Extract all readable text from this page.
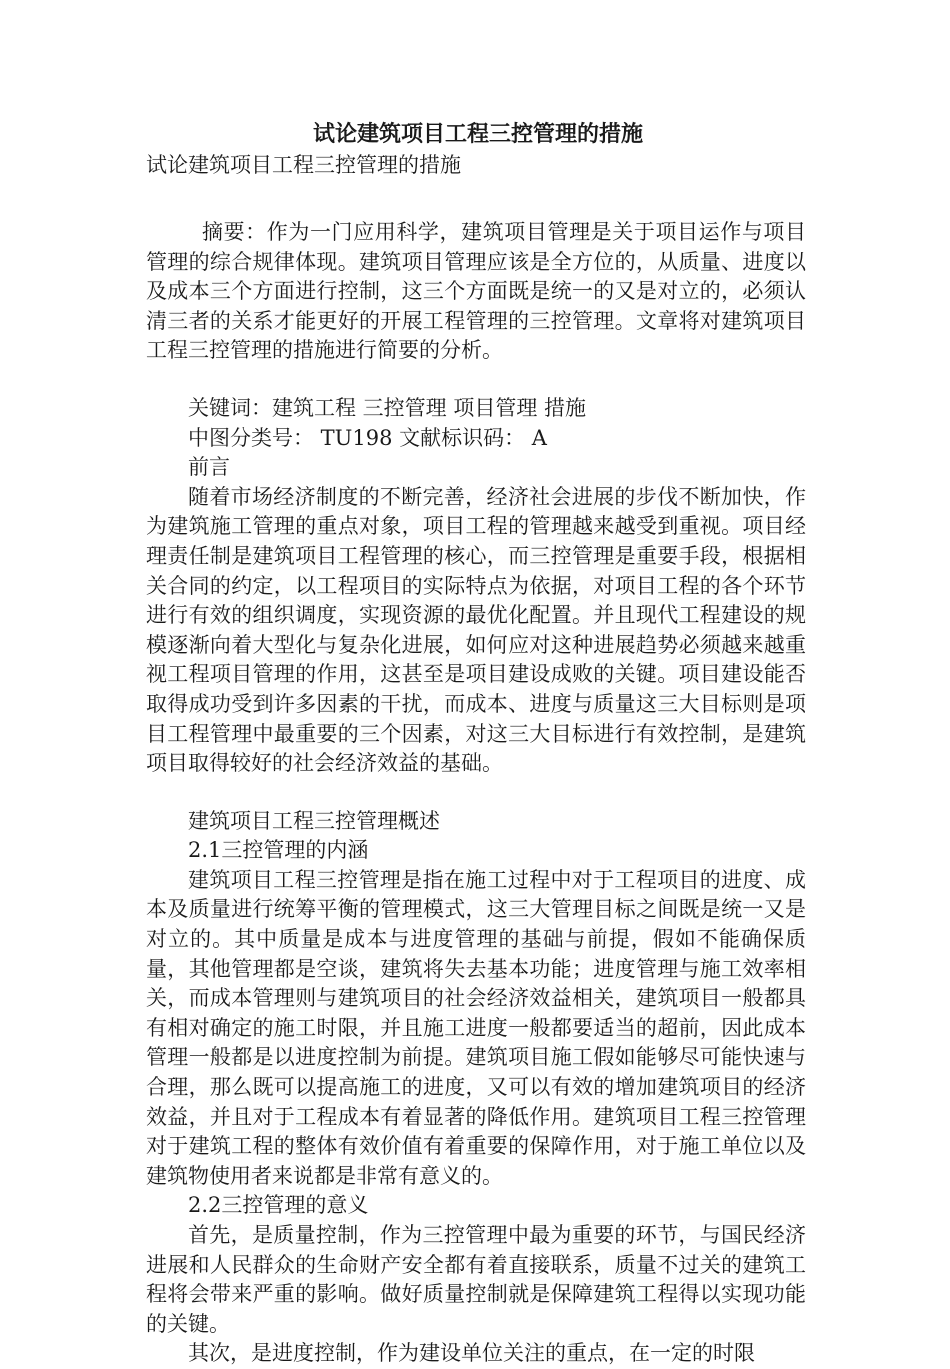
试论建筑项目工程三控管理的措施

试论建筑项目工程三控管理的措施

摘要：作为一门应用科学，建筑项目管理是关于项目运作与项目管理的综合规律体现。建筑项目管理应该是全方位的，从质量、进度以及成本三个方面进行控制，这三个方面既是统一的又是对立的，必须认清三者的关系才能更好的开展工程管理的三控管理。文章将对建筑项目工程三控管理的措施进行简要的分析。

关键词：建筑工程 三控管理 项目管理 措施

中图分类号： TU198 文献标识码： A

前言

随着市场经济制度的不断完善，经济社会进展的步伐不断加快，作为建筑施工管理的重点对象，项目工程的管理越来越受到重视。项目经理责任制是建筑项目工程管理的核心，而三控管理是重要手段，根据相关合同的约定，以工程项目的实际特点为依据，对项目工程的各个环节进行有效的组织调度，实现资源的最优化配置。并且现代工程建设的规模逐渐向着大型化与复杂化进展，如何应对这种进展趋势必须越来越重视工程项目管理的作用，这甚至是项目建设成败的关键。项目建设能否取得成功受到许多因素的干扰，而成本、进度与质量这三大目标则是项目工程管理中最重要的三个因素，对这三大目标进行有效控制，是建筑项目取得较好的社会经济效益的基础。

建筑项目工程三控管理概述

2.1三控管理的内涵

建筑项目工程三控管理是指在施工过程中对于工程项目的进度、成本及质量进行统筹平衡的管理模式，这三大管理目标之间既是统一又是对立的。其中质量是成本与进度管理的基础与前提，假如不能确保质量，其他管理都是空谈，建筑将失去基本功能；进度管理与施工效率相关，而成本管理则与建筑项目的社会经济效益相关，建筑项目一般都具有相对确定的施工时限，并且施工进度一般都要适当的超前，因此成本管理一般都是以进度控制为前提。建筑项目施工假如能够尽可能快速与合理，那么既可以提高施工的进度，又可以有效的增加建筑项目的经济效益，并且对于工程成本有着显著的降低作用。建筑项目工程三控管理对于建筑工程的整体有效价值有着重要的保障作用，对于施工单位以及建筑物使用者来说都是非常有意义的。

2.2三控管理的意义

首先，是质量控制，作为三控管理中最为重要的环节，与国民经济进展和人民群众的生命财产安全都有着直接联系，质量不过关的建筑工程将会带来严重的影响。做好质量控制就是保障建筑工程得以实现功能的关键。

其次，是进度控制，作为建设单位关注的重点，在一定的时限
